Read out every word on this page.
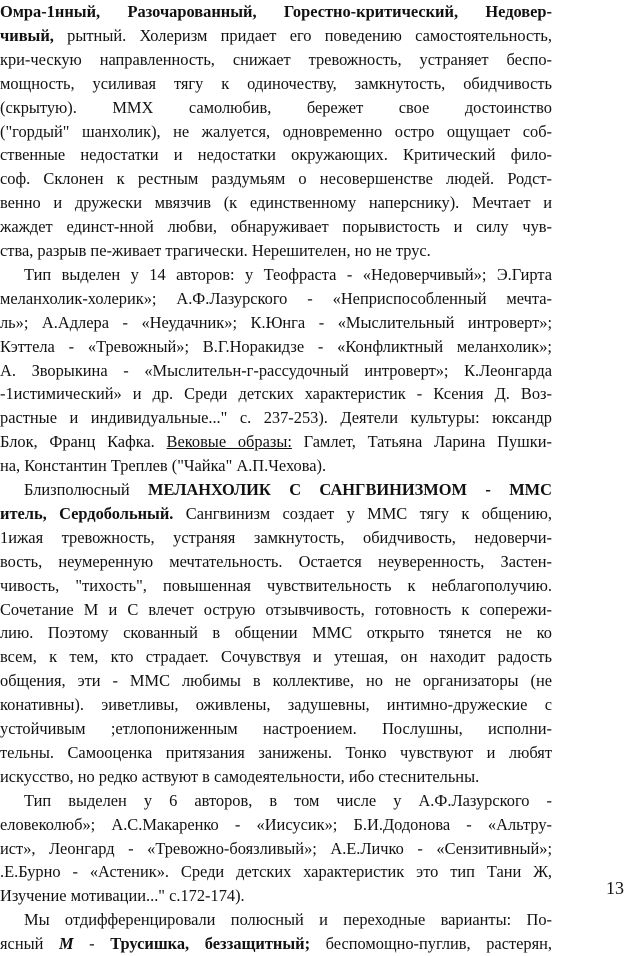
Омра-1нный, Разочарованный, Горестно-критический, Недовер-
чивый, рытный. Холеризм придает его поведению самостоятельность,
кри-ческую направленность, снижает тревожность, устраняет беспо-
мощность, усиливая тягу к одиночеству, замкнутость, обидчивость
(скрытую). ММХ самолюбив, бережет свое достоинство
("гордый" шанхолик), не жалуется, одновременно остро ощущает соб-
ственные недостатки и недостатки окружающих. Критический фило-
соф. Склонен к рестным раздумьям о несовершенстве людей. Родст-
венно и дружески мвязчив (к единственному наперснику). Мечтает и
жаждет единст-нной любви, обнаруживает порывистость и силу чув-
ства, разрыв пе-живает трагически. Нерешителен, но не трус.
Тип выделен у 14 авторов: у Теофраста - «Недоверчивый»; Э.Гирта
меланхолик-холерик»; А.Ф.Лазурского - «Неприспособленный мечта-
ль»; А.Адлера - «Неудачник»; К.Юнга - «Мыслительный интроверт»;
Кэттела - «Тревожный»; В.Г.Норакидзе - «Конфликтный меланхолик»;
А. Зворыкина - «Мыслительн-г-рассудочный интроверт»; К.Леонгарда
-1истимический» и др. Среди детских характеристик - Ксения Д. Воз-
растные и индивидуальные..." с. 237-253). Деятели культуры: юксандр
Блок, Франц Кафка. Вековые образы: Гамлет, Татьяна Ларина Пушки-
на, Константин Треплев ("Чайка" А.П.Чехова).
Близполюсный МЕЛАНХОЛИК С САНГВИНИЗМОМ - ММС
итель, Сердобольный. Сангвинизм создает у ММС тягу к общению,
1ижая тревожность, устраняя замкнутость, обидчивость, недоверчи-
вость, неумеренную мечтательность. Остается неуверенность, Застен-
чивость, "тихость", повышенная чувствительность к неблагополучию.
Сочетание М и С влечет острую отзывчивость, готовность к сопережи-
лию. Поэтому скованный в общении ММС открыто тянется не ко
всем, к тем, кто страдает. Сочувствуя и утешая, он находит радость
общения, эти - ММС любимы в коллективе, но не организаторы (не
конативны). эиветливы, оживлены, задушевны, интимно-дружеские с
устойчивым ;етлопониженным настроением. Послушны, исполни-
тельны. Самооценка притязания занижены. Тонко чувствуют и любят
искусство, но редко аствуют в самодеятельности, ибо стеснительны.
Тип выделен у 6 авторов, в том числе у А.Ф.Лазурского -
еловеколюб»; А.С.Макаренко - «Иисусик»; Б.И.Додонова - «Альтру-
ист», Леонгард - «Тревожно-боязливый»; А.Е.Личко - «Сензитивный»;
.Е.Бурно - «Астеник». Среди детских характеристик это тип Тани Ж,
Изучение мотивации..." с.172-174).
Мы отдифференцировали полюсный и переходные варианты: По-
ясный М - Трусишка, беззащитный; беспомощно-пуглив, растерян,
13
